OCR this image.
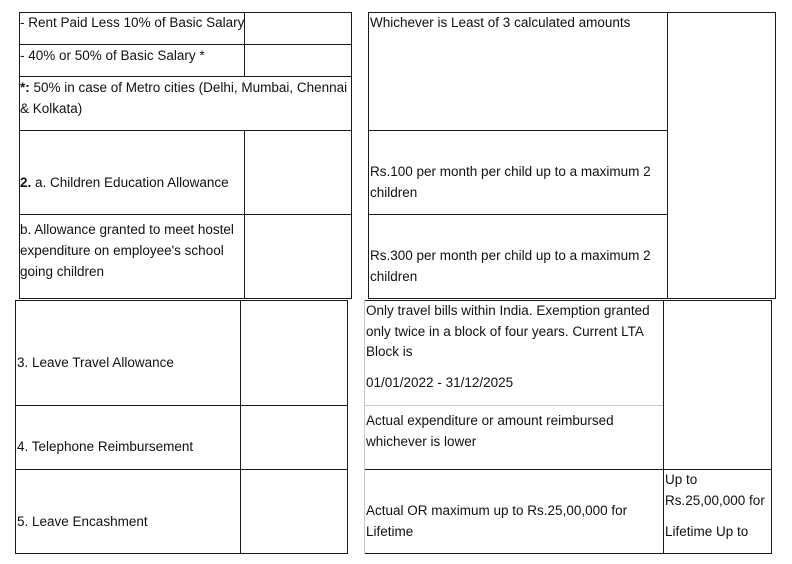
- Rent Paid Less 10% of Basic Salary
- 40% or 50% of Basic Salary *
*: 50% in case of Metro cities (Delhi, Mumbai, Chennai
& Kolkata)
Whichever is Least of 3 calculated amounts
2. a. Children Education Allowance
Rs.100 per month per child up to a maximum 2
children
b. Allowance granted to meet hostel
expenditure on employee's school
going children
Rs.300 per month per child up to a maximum 2
children
3. Leave Travel Allowance
Only travel bills within India. Exemption granted
only twice in a block of four years. Current LTA
Block is
01/01/2022 - 31/12/2025
4. Telephone Reimbursement
Actual expenditure or amount reimbursed
whichever is lower
5. Leave Encashment
Actual OR maximum up to Rs.25,00,000 for
Lifetime
Up to
Rs.25,00,000 for
Lifetime Up to
